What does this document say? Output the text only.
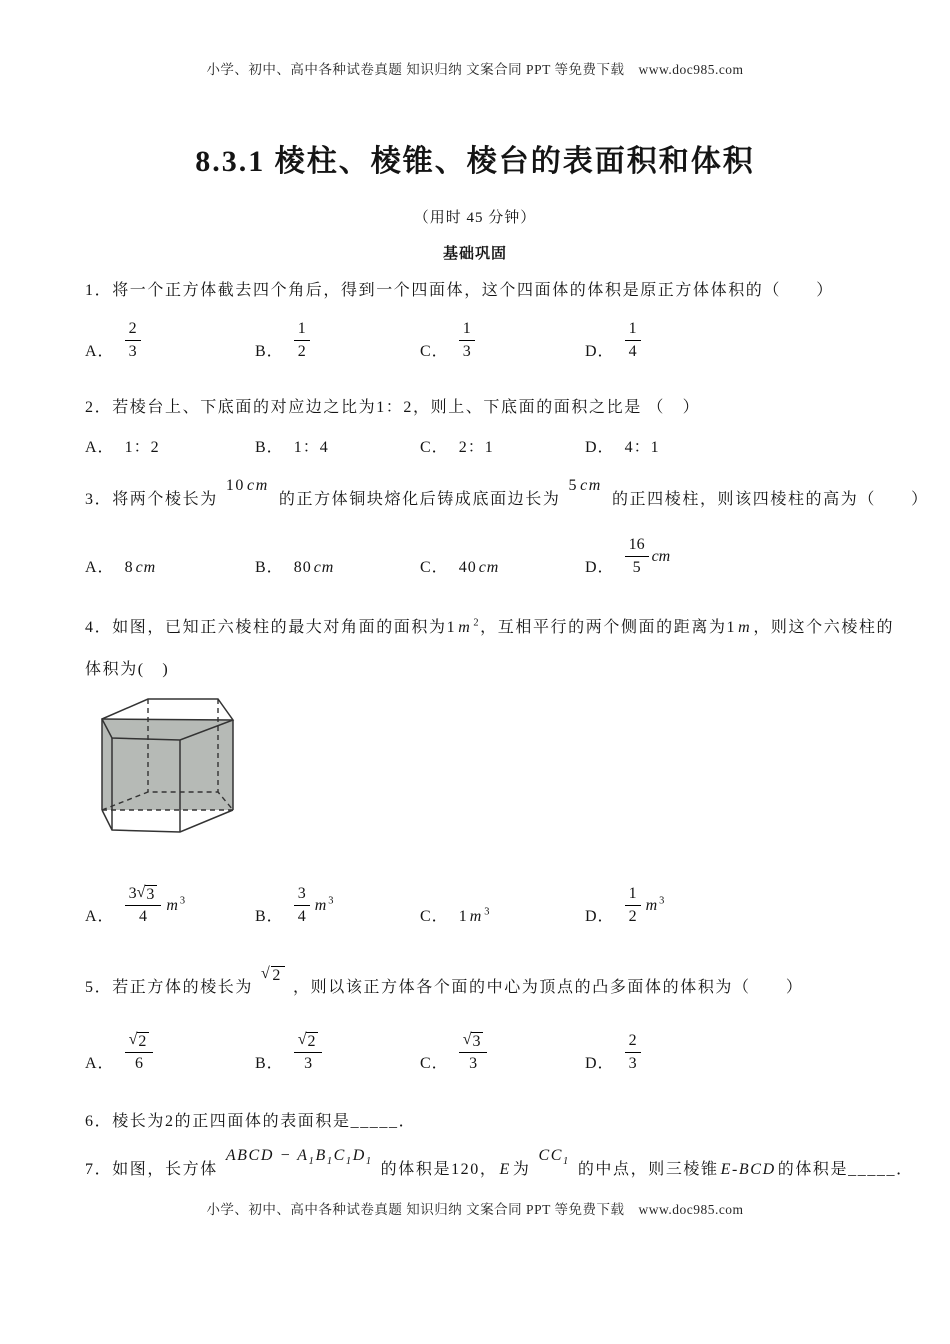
小学、初中、高中各种试卷真题 知识归纳 文案合同 PPT 等免费下载　www.doc985.com
8.3.1 棱柱、棱锥、棱台的表面积和体积
（用时 45 分钟）
基础巩固
1．将一个正方体截去四个角后，得到一个四面体，这个四面体的体积是原正方体体积的（　　）
A． $\frac{2}{3}$	B． $\frac{1}{2}$	C． $\frac{1}{3}$	D． $\frac{1}{4}$
2．若棱台上、下底面的对应边之比为1：2，则上、下底面的面积之比是 （　）
A． 1：2	B． 1：4	C． 2：1	D． 4：1
3．将两个棱长为10 cm的正方体铜块熔化后铸成底面边长为5 cm的正四棱柱，则该四棱柱的高为（　　）
A． 8 cm	B． 80 cm	C． 40 cm	D． $\frac{16}{5}$ cm
4．如图，已知正六棱柱的最大对角面的面积为1 m $^2$，互相平行的两个侧面的距离为1 m ，则这个六棱柱的
体积为(　)
A． $\frac{3 √ 3}{4}$ m $^3$
B． $\frac{3}{4}$ m $^3$
C． 1 m $^3$	D． $\frac{1}{2}$ m $^3$
5．若正方体的棱长为
√ 2
，则以该正方体各个面的中心为顶点的凸多面体的体积为（　　）
A． $\frac{√ 2}{6}$	B． $\frac{√ 2}{3}$	C． $\frac{√ 3}{3}$	D． $\frac{2}{3}$
6．棱长为2的正四面体的表面积是_____．
7．如图，长方体ABCD − $A_1B_1C_1D_1$ 的体积是120， E 为$CC_1$ 的中点，则三棱锥 E-BCD 的体积是_____．
小学、初中、高中各种试卷真题 知识归纳 文案合同 PPT 等免费下载　www.doc985.com
